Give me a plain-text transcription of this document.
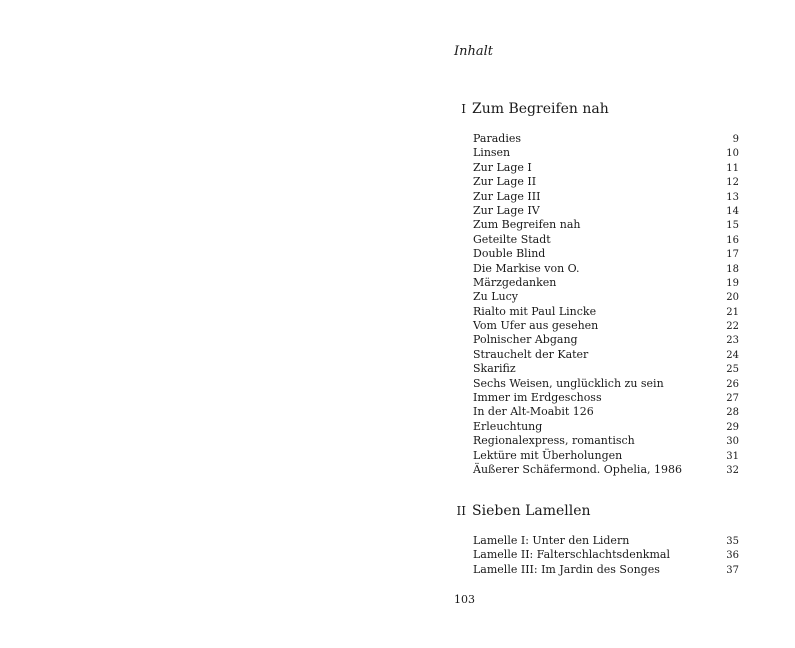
Inhalt
I Zum Begreifen nah
Paradies	9
Linsen	10
Zur Lage I	11
Zur Lage II	12
Zur Lage III	13
Zur Lage IV	14
Zum Begreifen nah	15
Geteilte Stadt	16
Double Blind	17
Die Markise von O.	18
Märzgedanken	19
Zu Lucy	20
Rialto mit Paul Lincke	21
Vom Ufer aus gesehen	22
Polnischer Abgang	23
Strauchelt der Kater	24
Skarifiz	25
Sechs Weisen, unglücklich zu sein	26
Immer im Erdgeschoss	27
In der Alt-Moabit 126	28
Erleuchtung	29
Regionalexpress, romantisch	30
Lektüre mit Überholungen	31
Äußerer Schäfermond. Ophelia, 1986	32
II Sieben Lamellen
Lamelle I: Unter den Lidern	35
Lamelle II: Falterschlachtsdenkmal	36
Lamelle III: Im Jardin des Songes	37
103
